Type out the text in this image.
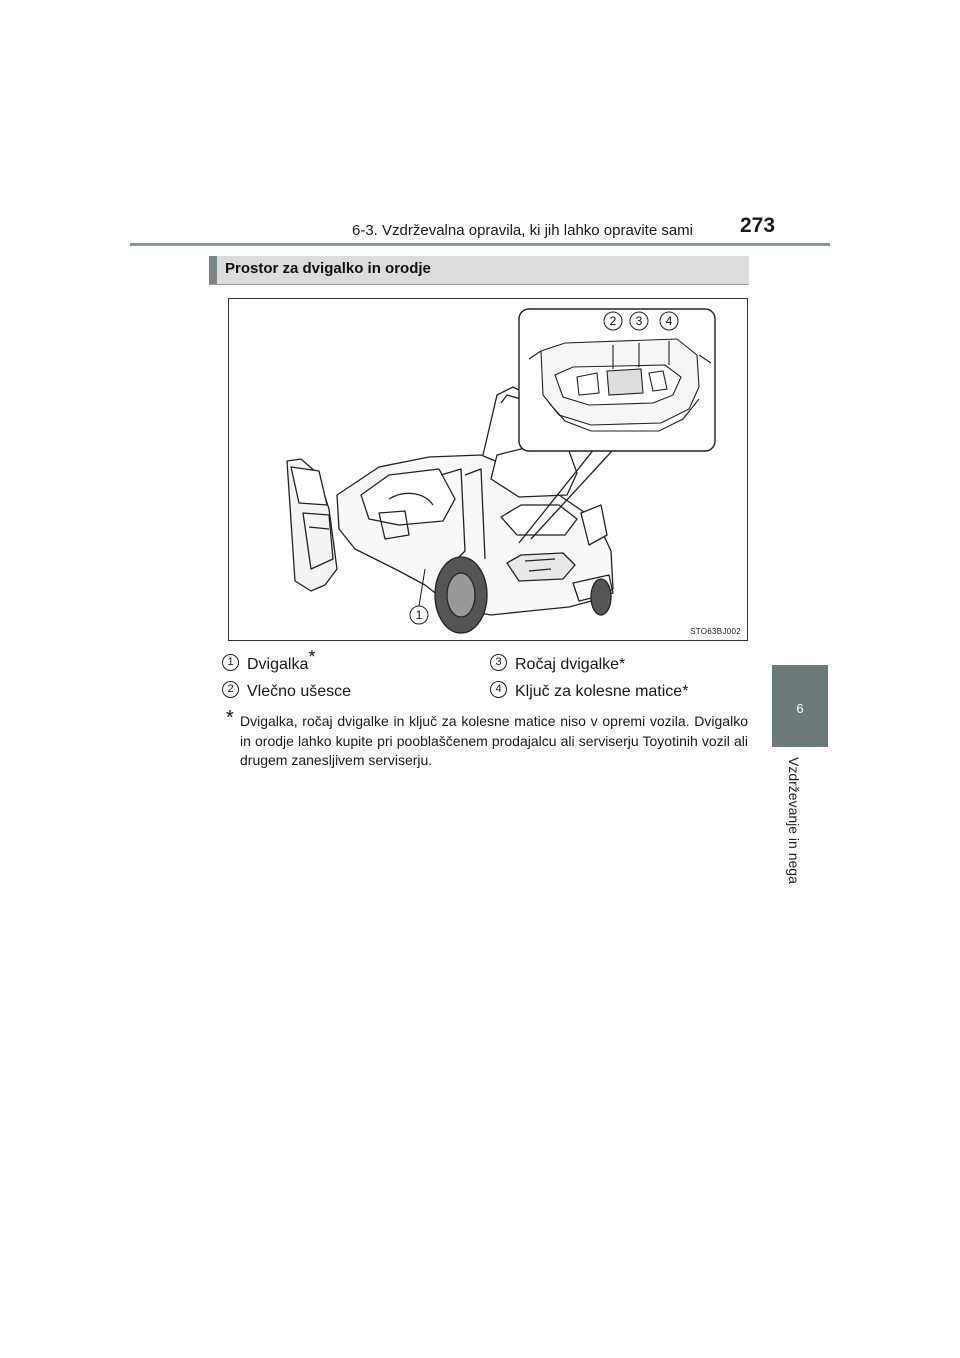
6-3. Vzdrževalna opravila, ki jih lahko opravite sami 273
6
Vzdrževanje in nega
Prostor za dvigalko in orodje
2 3 4
1
STO63BJ002
1 Dvigalka*
2 Vlečno ušesce
3 Ročaj dvigalke*
4 Ključ za kolesne matice*
* Dvigalka, ročaj dvigalke in ključ za kolesne matice niso v opremi vozila. Dvigalko in orodje lahko kupite pri pooblaščenem prodajalcu ali serviserju Toyotinih vozil ali drugem zanesljivem serviserju.
